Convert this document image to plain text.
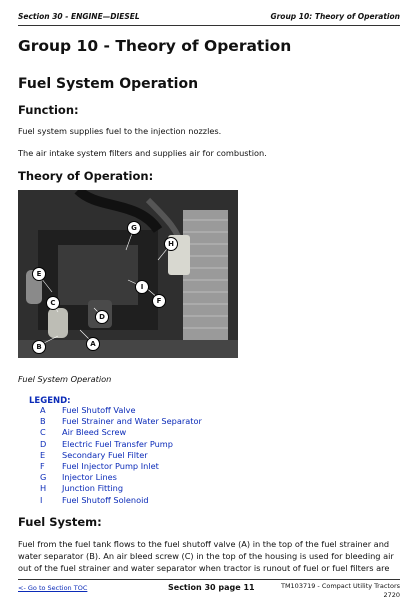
Section 30 - ENGINE—DIESEL	Group 10: Theory of Operation
Group 10 - Theory of Operation
Fuel System Operation
Function:

Fuel system supplies fuel to the injection nozzles.

The air intake system filters and supplies air for combustion.

Theory of Operation:
G
H
F
I
E
C
D
A
B

Fuel System Operation

LEGEND:

A Fuel Shutoff Valve
B Fuel Strainer and Water Separator
C Air Bleed Screw
D Electric Fuel Transfer Pump
E Secondary Fuel Filter
F Fuel Injector Pump Inlet
G Injector Lines
H Junction Fitting
I Fuel Shutoff Solenoid
Fuel System:

Fuel from the fuel tank flows to the fuel shutoff valve (A) in the top of the fuel strainer and

water separator (B). An air bleed screw (C) in the top of the housing is used for bleeding air

out of the fuel strainer and water separator when tractor is runout of fuel or fuel filters are

<- Go to Section TOC	Section 30 page 11	TM103719 - Compact Utility Tractors
2720
